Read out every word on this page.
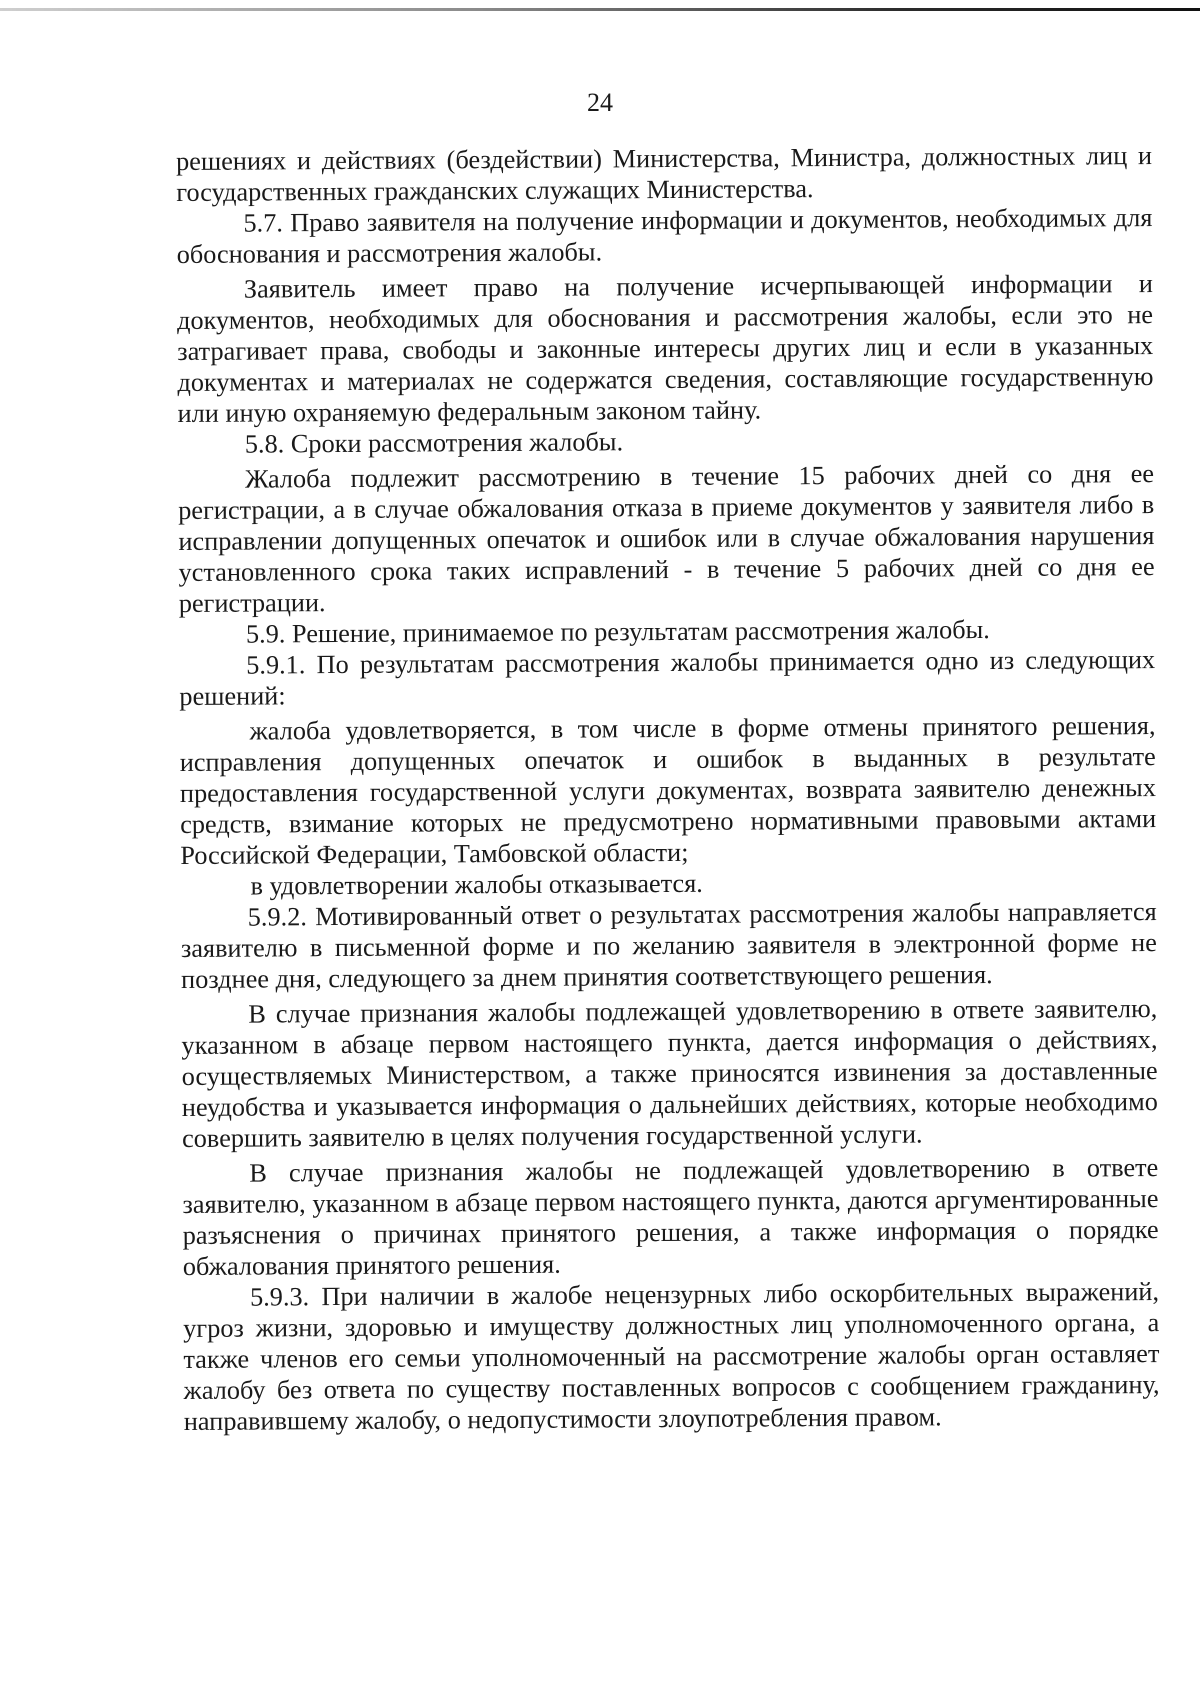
24

решениях и действиях (бездействии) Министерства, Министра, должностных лиц и государственных гражданских служащих Министерства.

5.7. Право заявителя на получение информации и документов, необходимых для обоснования и рассмотрения жалобы.

Заявитель имеет право на получение исчерпывающей информации и документов, необходимых для обоснования и рассмотрения жалобы, если это не затрагивает права, свободы и законные интересы других лиц и если в указанных документах и материалах не содержатся сведения, составляющие государственную или иную охраняемую федеральным законом тайну.

5.8. Сроки рассмотрения жалобы.

Жалоба подлежит рассмотрению в течение 15 рабочих дней со дня ее регистрации, а в случае обжалования отказа в приеме документов у заявителя либо в исправлении допущенных опечаток и ошибок или в случае обжалования нарушения установленного срока таких исправлений - в течение 5 рабочих дней со дня ее регистрации.

5.9. Решение, принимаемое по результатам рассмотрения жалобы.

5.9.1. По результатам рассмотрения жалобы принимается одно из следующих решений:

жалоба удовлетворяется, в том числе в форме отмены принятого решения, исправления допущенных опечаток и ошибок в выданных в результате предоставления государственной услуги документах, возврата заявителю денежных средств, взимание которых не предусмотрено нормативными правовыми актами Российской Федерации, Тамбовской области;

в удовлетворении жалобы отказывается.

5.9.2. Мотивированный ответ о результатах рассмотрения жалобы направляется заявителю в письменной форме и по желанию заявителя в электронной форме не позднее дня, следующего за днем принятия соответствующего решения.

В случае признания жалобы подлежащей удовлетворению в ответе заявителю, указанном в абзаце первом настоящего пункта, дается информация о действиях, осуществляемых Министерством, а также приносятся извинения за доставленные неудобства и указывается информация о дальнейших действиях, которые необходимо совершить заявителю в целях получения государственной услуги.

В случае признания жалобы не подлежащей удовлетворению в ответе заявителю, указанном в абзаце первом настоящего пункта, даются аргументированные разъяснения о причинах принятого решения, а также информация о порядке обжалования принятого решения.

5.9.3. При наличии в жалобе нецензурных либо оскорбительных выражений, угроз жизни, здоровью и имуществу должностных лиц уполномоченного органа, а также членов его семьи уполномоченный на рассмотрение жалобы орган оставляет жалобу без ответа по существу поставленных вопросов с сообщением гражданину, направившему жалобу, о недопустимости злоупотребления правом.
